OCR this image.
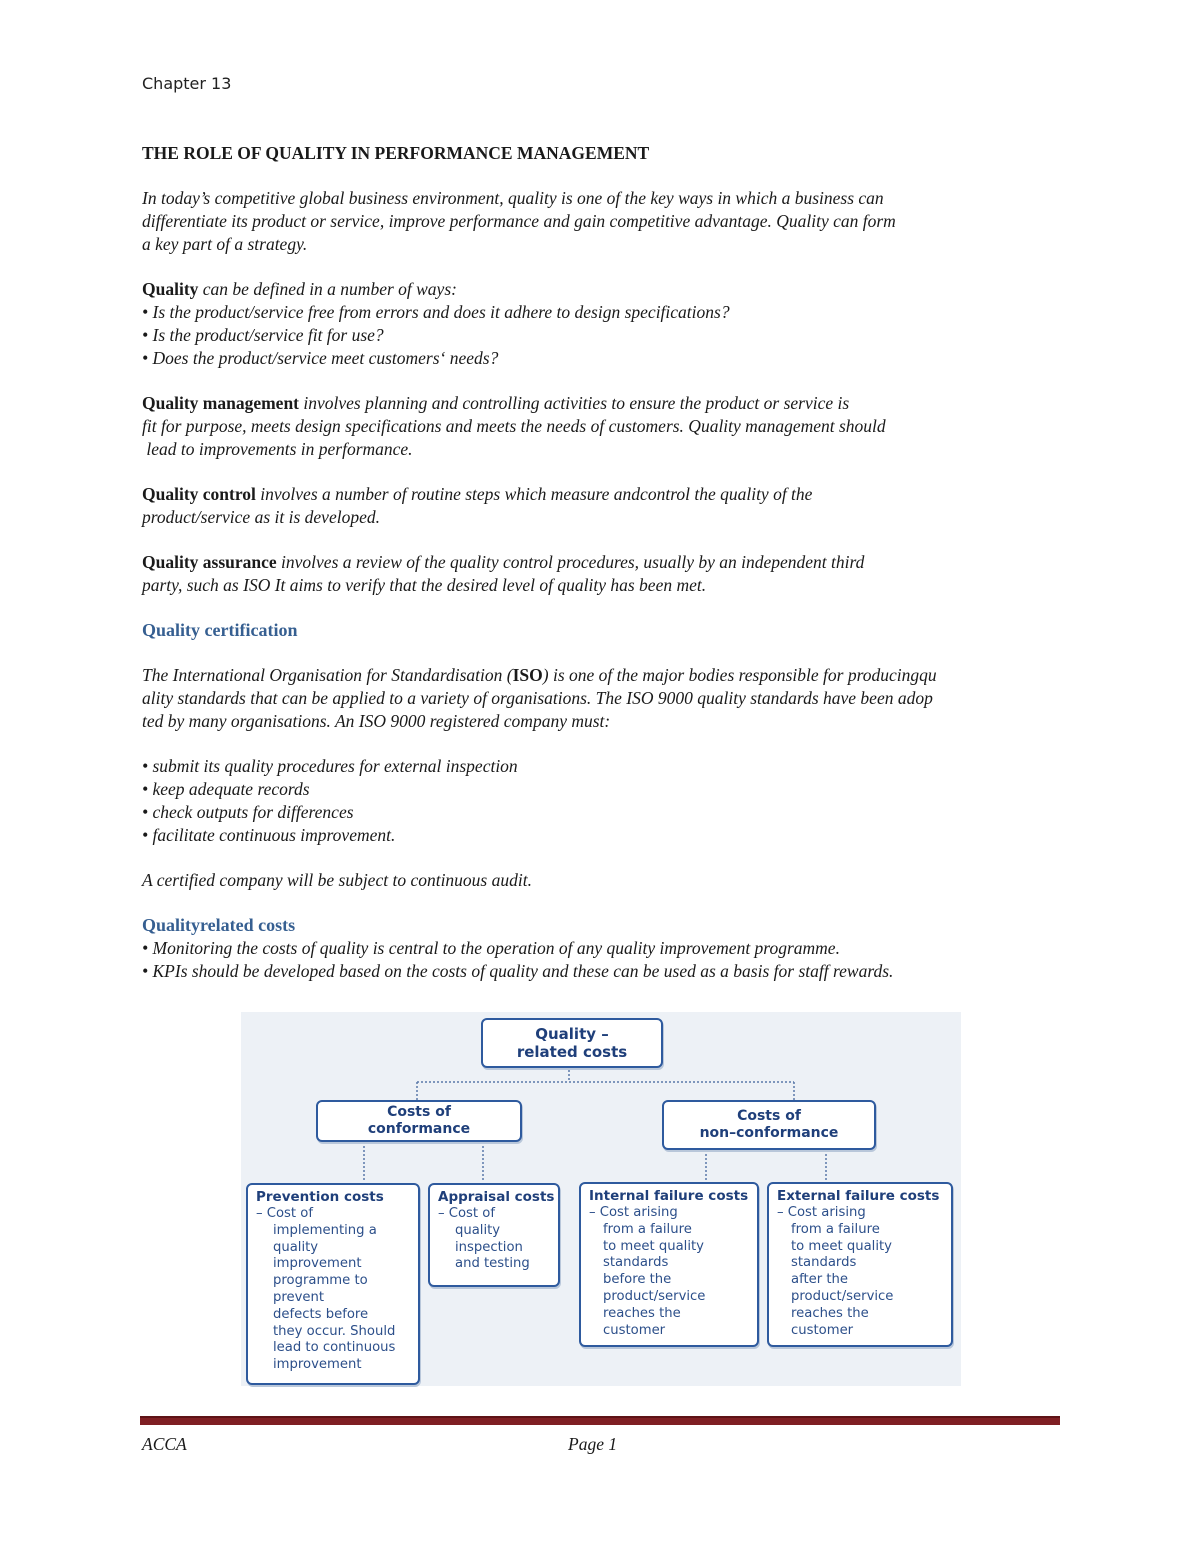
Chapter 13
THE ROLE OF QUALITY IN PERFORMANCE MANAGEMENT

In today’s competitive global business environment, quality is one of the key ways in which a business can
differentiate its product or service, improve performance and gain competitive advantage. Quality can form
a key part of a strategy.

Quality can be defined in a number of ways:
• Is the product/service free from errors and does it adhere to design specifications?
• Is the product/service fit for use?
• Does the product/service meet customers‘ needs?

Quality management involves planning and controlling activities to ensure the product or service is
fit for purpose, meets design specifications and meets the needs of customers. Quality management should
lead to improvements in performance.

Quality control involves a number of routine steps which measure andcontrol the quality of the
product/service as it is developed.

Quality assurance involves a review of the quality control procedures, usually by an independent third
party, such as ISO It aims to verify that the desired level of quality has been met.

Quality certification

The International Organisation for Standardisation (ISO) is one of the major bodies responsible for producingqu
ality standards that can be applied to a variety of organisations. The ISO 9000 quality standards have been adop
ted by many organisations. An ISO 9000 registered company must:

• submit its quality procedures for external inspection
• keep adequate records
• check outputs for differences
• facilitate continuous improvement.

A certified company will be subject to continuous audit.

Qualityrelated costs

• Monitoring the costs of quality is central to the operation of any quality improvement programme.
• KPIs should be developed based on the costs of quality and these can be used as a basis for staff rewards.

Quality –
related costs
Costs of
conformance
Costs of
non–conformance
Prevention costs
– Cost of
implementing a
quality
improvement
programme to
prevent
defects before
they occur. Should
lead to continuous
improvement
Appraisal costs
– Cost of
quality
inspection
and testing
Internal failure costs
– Cost arising
from a failure
to meet quality
standards
before the
product/service
reaches the
customer
External failure costs
– Cost arising
from a failure
to meet quality
standards
after the
product/service
reaches the
customer
ACCA	Page 1
